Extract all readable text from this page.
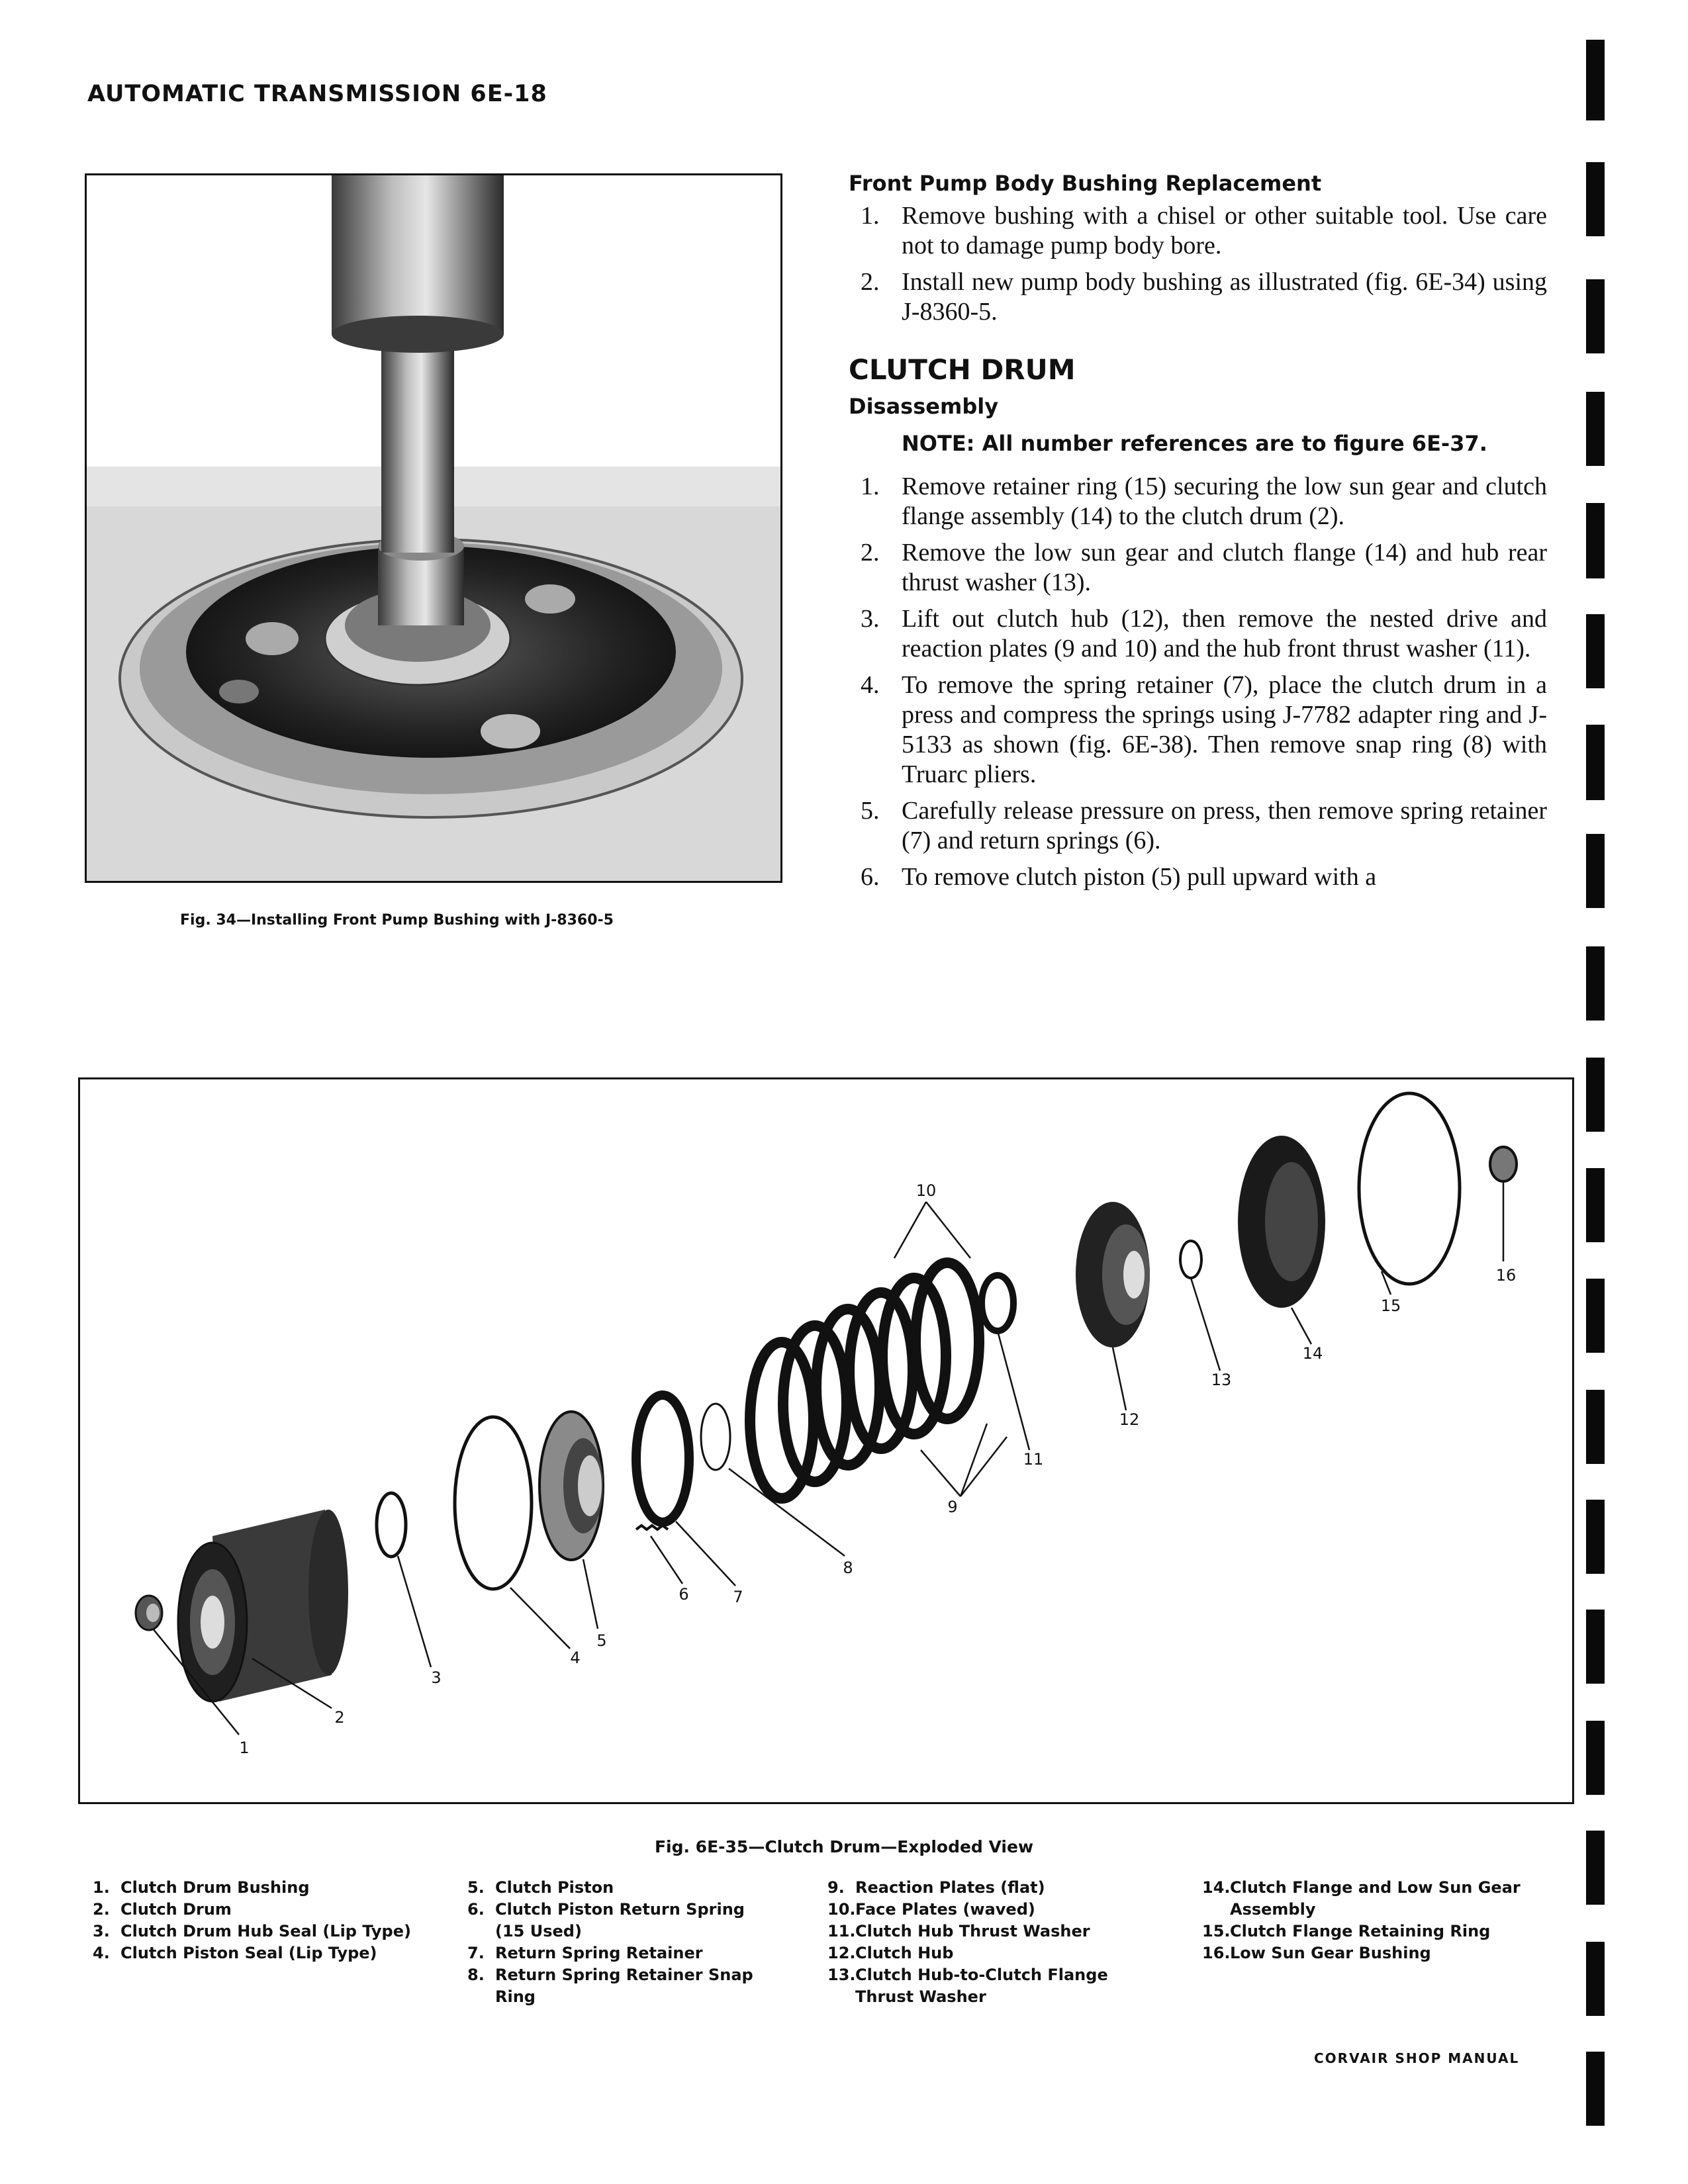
AUTOMATIC TRANSMISSION 6E-18
Fig. 34—Installing Front Pump Bushing with J-8360-5
Front Pump Body Bushing Replacement
1. Remove bushing with a chisel or other suitable tool. Use care not to damage pump body bore.
2. Install new pump body bushing as illustrated (fig. 6E-34) using J-8360-5.
CLUTCH DRUM
Disassembly
NOTE: All number references are to figure 6E-37.
1. Remove retainer ring (15) securing the low sun gear and clutch flange assembly (14) to the clutch drum (2).
2. Remove the low sun gear and clutch flange (14) and hub rear thrust washer (13).
3. Lift out clutch hub (12), then remove the nested drive and reaction plates (9 and 10) and the hub front thrust washer (11).
4. To remove the spring retainer (7), place the clutch drum in a press and compress the springs using J-7782 adapter ring and J-5133 as shown (fig. 6E-38). Then remove snap ring (8) with Truarc pliers.
5. Carefully release pressure on press, then remove spring retainer (7) and return springs (6).
6. To remove clutch piston (5) pull upward with a
1
2
3
4
5
6	7
8
9
10
11
12
13
14
15
16
Fig. 6E-35—Clutch Drum—Exploded View
1. Clutch Drum Bushing
2. Clutch Drum
3. Clutch Drum Hub Seal (Lip Type)
4. Clutch Piston Seal (Lip Type)
5. Clutch Piston
6. Clutch Piston Return Spring (15 Used)
7. Return Spring Retainer
8. Return Spring Retainer Snap Ring
9. Reaction Plates (flat)
10. Face Plates (waved)
11. Clutch Hub Thrust Washer
12. Clutch Hub
13. Clutch Hub-to-Clutch Flange Thrust Washer
14. Clutch Flange and Low Sun Gear Assembly
15. Clutch Flange Retaining Ring
16. Low Sun Gear Bushing
CORVAIR SHOP MANUAL
